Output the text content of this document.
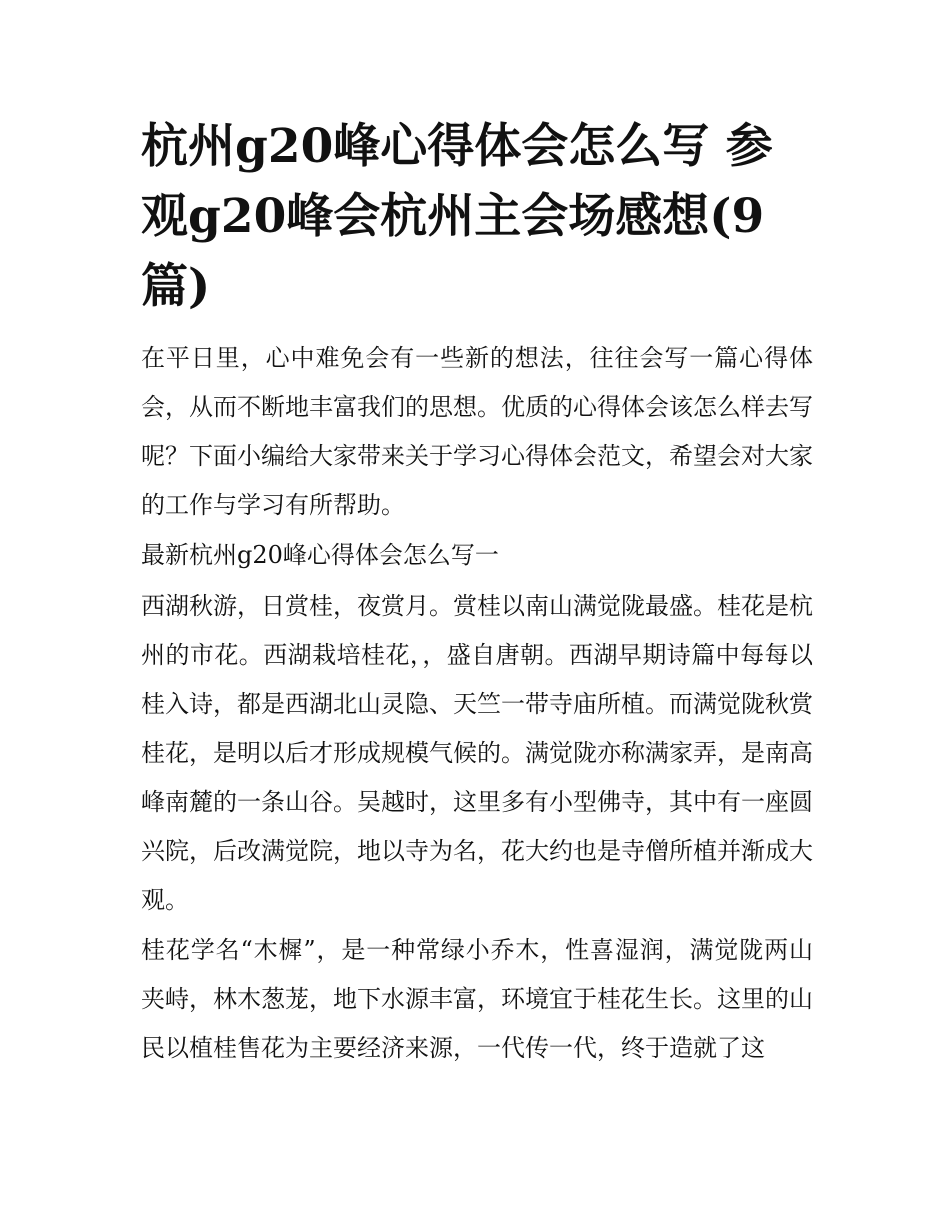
杭州g20峰心得体会怎么写 参观g20峰会杭州主会场感想(9篇)

在平日里，心中难免会有一些新的想法，往往会写一篇心得体会，从而不断地丰富我们的思想。优质的心得体会该怎么样去写呢？下面小编给大家带来关于学习心得体会范文，希望会对大家的工作与学习有所帮助。

最新杭州g20峰心得体会怎么写一

西湖秋游，日赏桂，夜赏月。赏桂以南山满觉陇最盛。桂花是杭州的市花。西湖栽培桂花，，盛自唐朝。西湖早期诗篇中每每以桂入诗，都是西湖北山灵隐、天竺一带寺庙所植。而满觉陇秋赏桂花，是明以后才形成规模气候的。满觉陇亦称满家弄，是南高峰南麓的一条山谷。吴越时，这里多有小型佛寺，其中有一座圆兴院，后改满觉院，地以寺为名，花大约也是寺僧所植并渐成大观。

桂花学名“木樨”，是一种常绿小乔木，性喜湿润，满觉陇两山夹峙，林木葱茏，地下水源丰富，环境宜于桂花生长。这里的山民以植桂售花为主要经济来源，一代传一代，终于造就了这
